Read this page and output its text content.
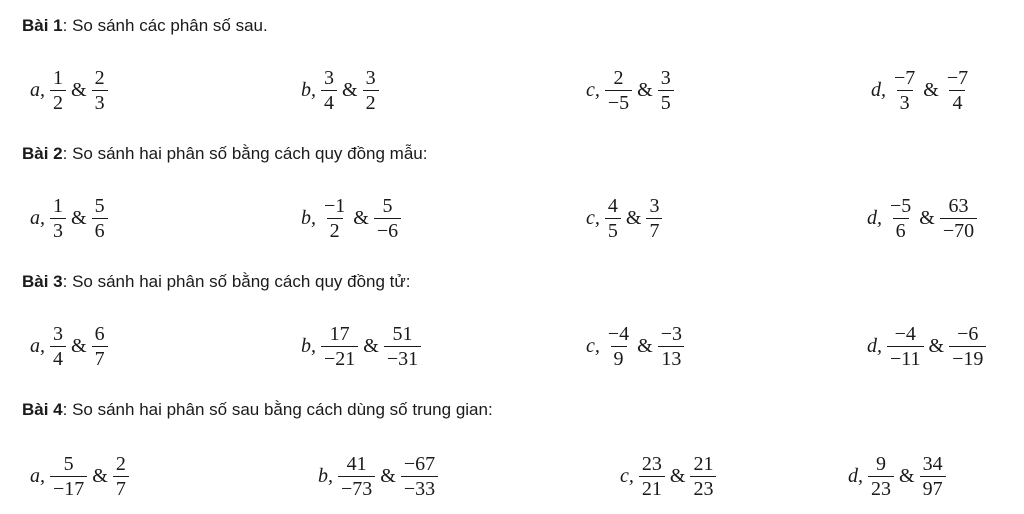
Bài 1: So sánh các phân số sau.
a, $\frac{1}{2}$ & $\frac{2}{3}$	b, $\frac{3}{4}$ & $\frac{3}{2}$	c, $\frac{2}{-5}$ & $\frac{3}{5}$	d, $\frac{-7}{3}$ & $\frac{-7}{4}$
Bài 2: So sánh hai phân số bằng cách quy đồng mẫu:
a, $\frac{1}{3}$ & $\frac{5}{6}$	b, $\frac{-1}{2}$ & $\frac{5}{-6}$	c, $\frac{4}{5}$ & $\frac{3}{7}$	d, $\frac{-5}{6}$ & $\frac{63}{-70}$
Bài 3: So sánh hai phân số bằng cách quy đồng tử:
a, $\frac{3}{4}$ & $\frac{6}{7}$	b, $\frac{17}{-21}$ & $\frac{51}{-31}$	c, $\frac{-4}{9}$ & $\frac{-3}{13}$	d, $\frac{-4}{-11}$ & $\frac{-6}{-19}$
Bài 4: So sánh hai phân số sau bằng cách dùng số trung gian:
a, $\frac{5}{-17}$ & $\frac{2}{7}$	b, $\frac{41}{-73}$ & $\frac{-67}{-33}$	c, $\frac{23}{21}$ & $\frac{21}{23}$	d, $\frac{9}{23}$ & $\frac{34}{97}$
